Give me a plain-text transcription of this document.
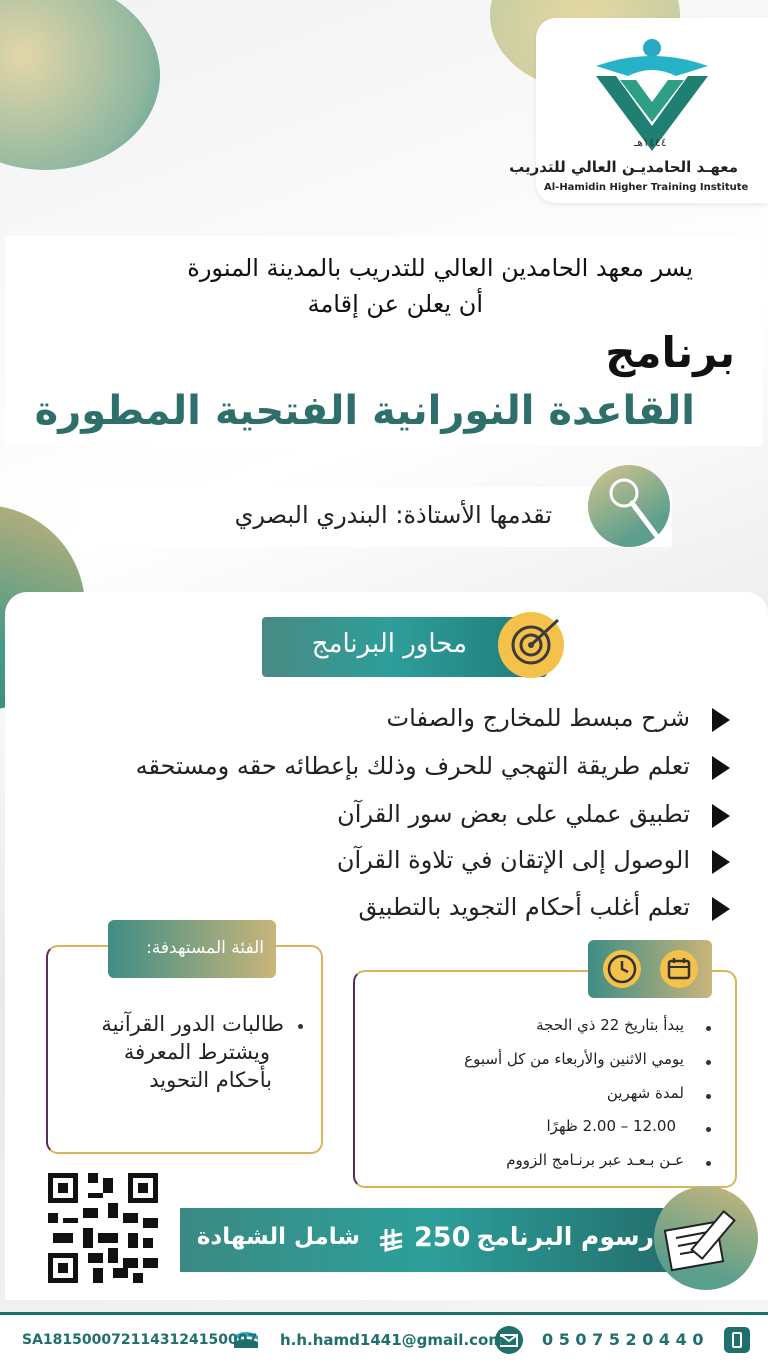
١٤٤٤هـ
معهـد الحامديـن العالي للتدريب
Al-Hamidin Higher Training Institute
يسر معهد الحامدين العالي للتدريب بالمدينة المنورة
أن يعلن عن إقامة
برنامج
القاعدة النورانية الفتحية المطورة
تقدمها الأستاذة: البندري البصري
محاور البرنامج
شرح مبسط للمخارج والصفات
تعلم طريقة التهجي للحرف وذلك بإعطائه حقه ومستحقه
تطبيق عملي على بعض سور القرآن
الوصول إلى الإتقان في تلاوة القرآن
تعلم أغلب أحكام التجويد بالتطبيق
الفئة المستهدفة:
طالبات الدور القرآنية
ويشترط المعرفة
بأحكام التحويد
يبدأ بتاريخ 22 ذي الحجة
يومي الاثنين والأربعاء من كل أسبوع
لمدة شهرين
12.00 – 2.00 ظهرًا
عـن بـعـد عبر برنـامج الزووم
رسوم البرنامج
250
شامل الشهادة
0 5 0 7 5 2 0 4 4 0
h.h.hamd1441@gmail.com
SA1815000721143124150007
